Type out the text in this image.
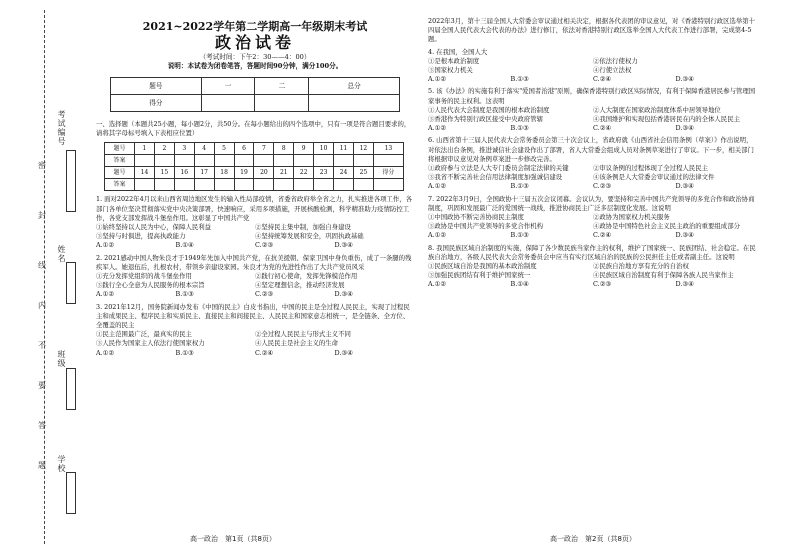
考试编号
姓名
班级
学校
密
封
线
内
不
要
答
题
2021~2022学年第二学期高一年级期末考试
政治试卷
（考试时间：下午2：30——4：00）
说明：本试卷为闭卷笔答，答题时间90分钟，满分100分。
题号	一	二	总分
得分			
一、选择题（本题共25小题，每小题2分，共50分。在每小题给出的四个选项中，只有一项是符合题目要求的，请将其字母标号填入下表相应位置）
题号	1	2	3	4	5	6	7	8	9	10	11	12	13
答案													
题号	14	15	16	17	18	19	20	21	22	23	24	25	得分
答案													
1. 面对2022年4月以来山西省周边地区发生的输入性局部疫情，省委省政府举全省之力，扎实推进各项工作，各部门各单位坚决贯彻落实党中央决策部署，快速响应，采用多项措施，开展核酸检测，科学精准助力疫情防控工作，各党支部发挥战斗堡垒作用。这彰显了中国共产党
①始终坚持以人民为中心，保障人民利益	②坚持民主集中制，加强自身建设
③坚持与时俱进，提高执政能力	④坚持统筹发展和安全，巩固执政基础
A.①②	B.①④	C.②③	D.③④
2. 2021感动中国人物朱良才于1949年先加入中国共产党，在抗美援朝、保家卫国中身负重伤，成了一条腿的残疾军人。她退伍后，扎根农村，带领乡亲建设家园。朱良才为党的先进性作出了大共产党员风采
①充分发挥党组织的战斗堡垒作用	②践行初心使命，发挥先锋模范作用
③践行全心全意为人民服务的根本宗旨	④坚定理想信念，推动经济发展
A.①②	B.①③	C.②③	D.③④
3. 2021年12月，国务院新闻办发布《中国的民主》白皮书指出，中国的民主是全过程人民民主，实现了过程民主和成果民主、程序民主和实质民主、直接民主和间接民主、人民民主和国家意志相统一，是全链条、全方位、全覆盖的民主
①民主范围最广泛，最真实的民主	②全过程人民民主与形式主义不同
③人民作为国家主人依法行使国家权力	④人民民主是社会主义的生命
A.①②	B.①③	C.②④	D.③④
2022年3月，第十三届全国人大常委会审议通过相关决定，根据各代表团的审议意见，对《香港特别行政区选举第十四届全国人民代表大会代表的办法》进行修订，依法对香港特别行政区选举全国人大代表工作进行部署，完成第4-5题。
4. 在我国，全国人大
①是根本政治制度	②依法行使权力
③国家权力机关	④行使立法权
A.①②	B.①③	C.②④	D.③④
5. 该《办法》的实施有利于落实"爱国者治港"原则，确保香港特别行政区实际情况，有利于保障香港居民参与管理国家事务的民主权利。这表明
①人民代表大会制度是我国的根本政治制度	②人大制度在国家政治制度体系中居领导地位
③香港作为特别行政区接受中央政府管辖	④我国维护和实现包括香港居民在内的全体人民民主
A.①②	B.①③	C.②④	D.③④
6. 山西省第十三届人民代表大会常务委员会第三十次会议上，省政府就《山西省社会信用条例（草案）》作出说明，对依法出台条例，推进诚信社会建设作出了部署，省人大常委会组成人员对条例草案进行了审议。下一步，相关部门将根据审议意见对条例草案进一步修改完善。
①政府参与立法是人大专门委员会制定法律的关键	②审议条例的过程体现了全过程人民民主
③我省不断完善社会信用法律制度加强诚信建设	④该条例是人大常委会审议通过的法律文件
A.①②	B.①③	C.②③	D.③④
7. 2022年3月9日，全国政协十三届五次会议闭幕。会议认为，要坚持和完善中国共产党领导的多党合作和政治协商制度，巩固和发展最广泛的爱国统一战线，推进协商民主广泛多层制度化发展。这说明
①中国政协不断完善协商民主制度	②政协为国家权力机关服务
③政协是中国共产党领导的多党合作机构	④政协是中国特色社会主义民主政治的重要组成部分
A.①②	B.①③	C.②④	D.③④
8. 我国民族区域自治制度的实施，保障了各少数民族当家作主的权利，维护了国家统一、民族团结、社会稳定。在民族自治地方，各级人民代表大会常务委员会中应当有实行区域自治的民族的公民担任主任或者副主任。这说明
①民族区域自治是我国的基本政治制度	②民族自治地方享有充分的自治权
③加强民族团结有利于维护国家统一	④民族区域自治制度有利于保障各族人民当家作主
A.①②	B.①④	C.②③	D.③④
高一政治　第1页（共8页）	高一政治　第2页（共8页）
